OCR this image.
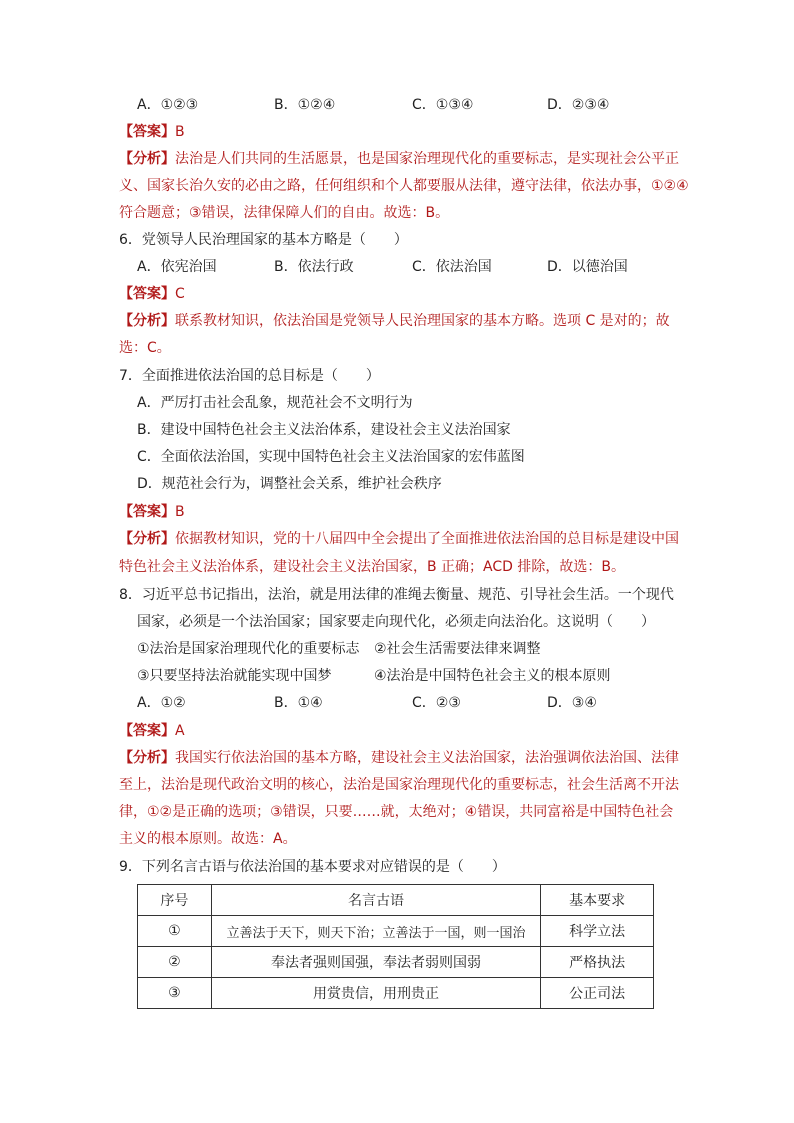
A．①②③	B．①②④	C．①③④	D．②③④
【答案】B
【分析】法治是人们共同的生活愿景，也是国家治理现代化的重要标志，是实现社会公平正
义、国家长治久安的必由之路，任何组织和个人都要服从法律，遵守法律，依法办事，①②④
符合题意；③错误，法律保障人们的自由。故选：B。
6．党领导人民治理国家的基本方略是（　　）
A．依宪治国	B．依法行政	C．依法治国	D．以德治国
【答案】C
【分析】联系教材知识，依法治国是党领导人民治理国家的基本方略。选项 C 是对的；故
选：C。
7．全面推进依法治国的总目标是（　　）
A．严厉打击社会乱象，规范社会不文明行为
B．建设中国特色社会主义法治体系，建设社会主义法治国家
C．全面依法治国，实现中国特色社会主义法治国家的宏伟蓝图
D．规范社会行为，调整社会关系，维护社会秩序
【答案】B
【分析】依据教材知识，党的十八届四中全会提出了全面推进依法治国的总目标是建设中国
特色社会主义法治体系，建设社会主义法治国家，B 正确；ACD 排除，故选：B。
8．习近平总书记指出，法治，就是用法律的准绳去衡量、规范、引导社会生活。一个现代
国家，必须是一个法治国家；国家要走向现代化，必须走向法治化。这说明（　　）
①法治是国家治理现代化的重要标志 ②社会生活需要法律来调整
③只要坚持法治就能实现中国梦	④法治是中国特色社会主义的根本原则
A．①②	B．①④	C．②③	D．③④
【答案】A
【分析】我国实行依法治国的基本方略，建设社会主义法治国家，法治强调依法治国、法律
至上，法治是现代政治文明的核心，法治是国家治理现代化的重要标志，社会生活离不开法
律，①②是正确的选项；③错误，只要……就，太绝对；④错误，共同富裕是中国特色社会
主义的根本原则。故选：A。
9．下列名言古语与依法治国的基本要求对应错误的是（　　）
序号	名言古语	基本要求
①	立善法于天下，则天下治；立善法于一国，则一国治	科学立法
②	奉法者强则国强，奉法者弱则国弱	严格执法
③	用赏贵信，用刑贵正	公正司法
